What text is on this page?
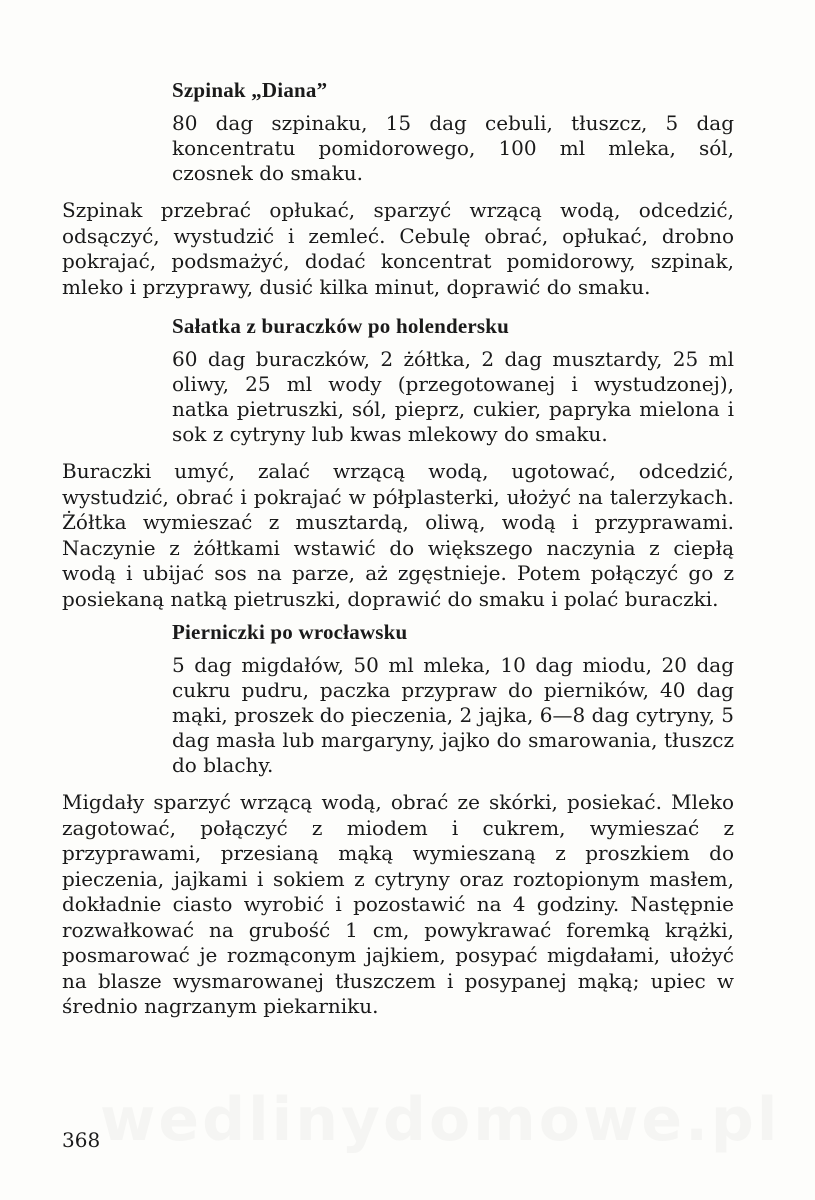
Szpinak „Diana”

80 dag szpinaku, 15 dag cebuli, tłuszcz, 5 dag koncentratu pomidorowego, 100 ml mleka, sól, czosnek do smaku.

Szpinak przebrać opłukać, sparzyć wrzącą wodą, odcedzić, odsączyć, wystudzić i zemleć. Cebulę obrać, opłukać, drobno pokrajać, podsmażyć, dodać koncentrat pomidorowy, szpinak, mleko i przyprawy, dusić kilka minut, doprawić do smaku.

Sałatka z buraczków po holendersku

60 dag buraczków, 2 żółtka, 2 dag musztardy, 25 ml oliwy, 25 ml wody (przegotowanej i wystudzonej), natka pietruszki, sól, pieprz, cukier, papryka mielona i sok z cytryny lub kwas mlekowy do smaku.

Buraczki umyć, zalać wrzącą wodą, ugotować, odcedzić, wystudzić, obrać i pokrajać w półplasterki, ułożyć na talerzykach. Żółtka wymieszać z musztardą, oliwą, wodą i przyprawami. Naczynie z żółtkami wstawić do większego naczynia z ciepłą wodą i ubijać sos na parze, aż zgęstnieje. Potem połączyć go z posiekaną natką pietruszki, doprawić do smaku i polać buraczki.

Pierniczki po wrocławsku

5 dag migdałów, 50 ml mleka, 10 dag miodu, 20 dag cukru pudru, paczka przypraw do pierników, 40 dag mąki, proszek do pieczenia, 2 jajka, 6—8 dag cytryny, 5 dag masła lub margaryny, jajko do smarowania, tłuszcz do blachy.

Migdały sparzyć wrzącą wodą, obrać ze skórki, posiekać. Mleko zagotować, połączyć z miodem i cukrem, wymieszać z przyprawami, przesianą mąką wymieszaną z proszkiem do pieczenia, jajkami i sokiem z cytryny oraz roztopionym masłem, dokładnie ciasto wyrobić i pozostawić na 4 godziny. Następnie rozwałkować na grubość 1 cm, powykrawać foremką krążki, posmarować je rozmąconym jajkiem, posypać migdałami, ułożyć na blasze wysmarowanej tłuszczem i posypanej mąką; upiec w średnio nagrzanym piekarniku.

wedlinydomowe.pl
368
